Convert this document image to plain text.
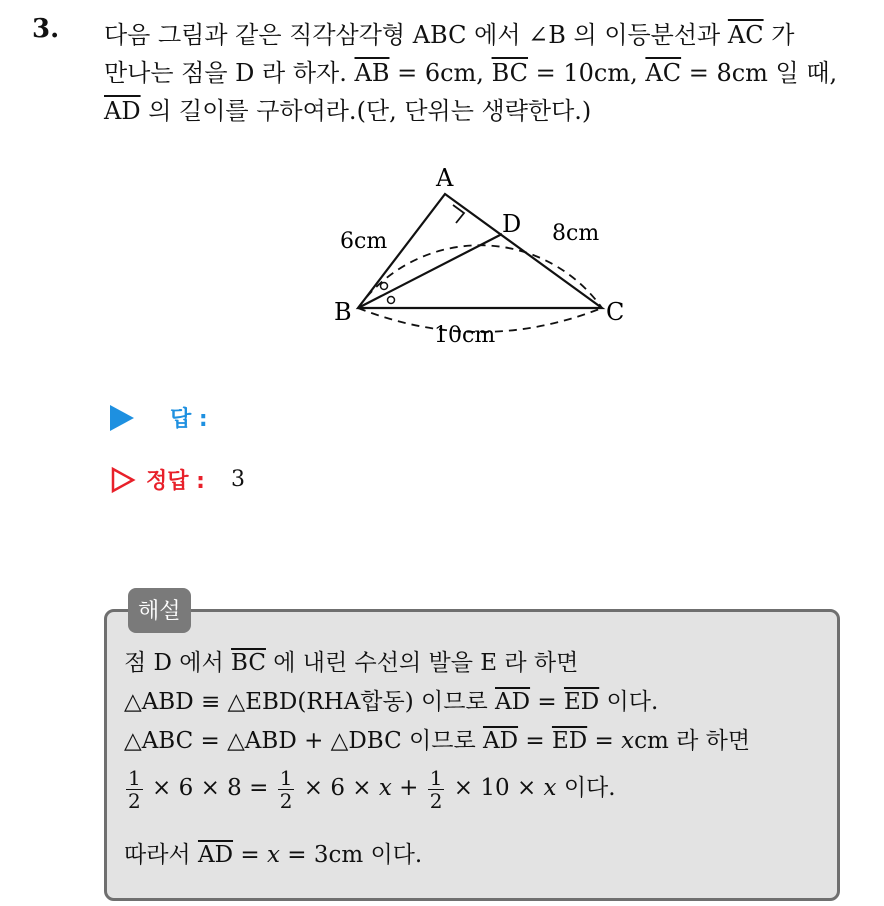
3. 다음 그림과 같은 직각삼각형 ABC 에서 ∠B 의 이등분선과 $\overline{AC}$ 가
만나는 점을 D 라 하자. $\overline{AB} = 6cm$, $\overline{BC} = 10cm$, $\overline{AC} = 8cm$ 일 때,
$\overline{AD}$ 의 길이를 구하여라.(단, 단위는 생략한다.)
A
B	C
D
6cm	8cm
10cm
답 :
정답 : 3
해설
점 D 에서 $\overline{BC}$ 에 내린 수선의 발을 E 라 하면
△ABD ≡ △EBD(RHA합동) 이므로 $\overline{AD} = \overline{ED}$ 이다.
△ABC = △ABD + △DBC 이므로 $\overline{AD} = \overline{ED}$ = xcm 라 하면
$\frac{1}{2} \times 6 \times 8 = \frac{1}{2} \times 6 \times x + \frac{1}{2} \times 10 \times x$ 이다.
따라서 $\overline{AD} = x = 3cm$ 이다.
